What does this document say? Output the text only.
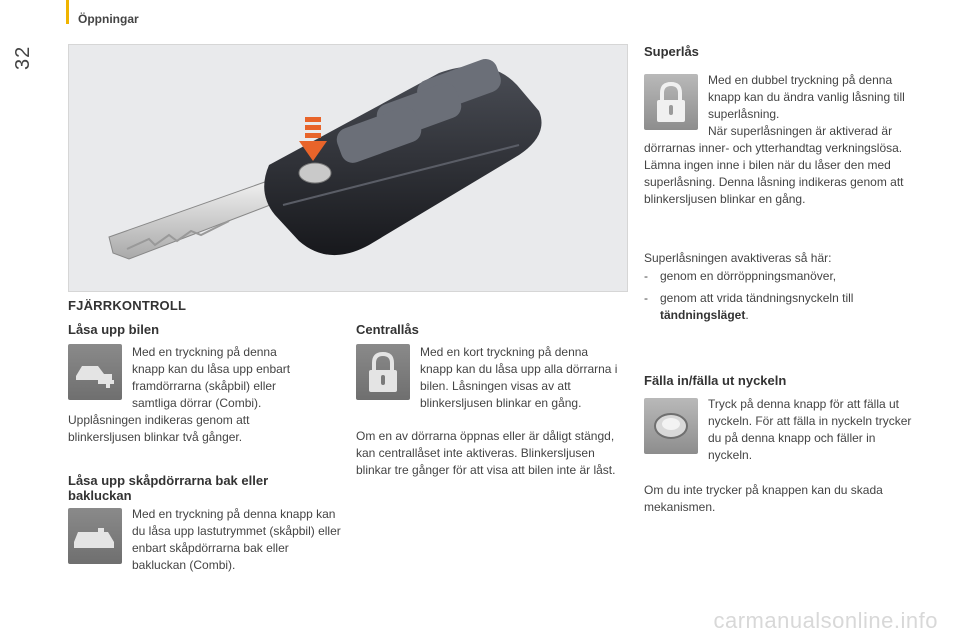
32
Öppningar
FJÄRRKONTROLL
Låsa upp bilen

Med en tryckning på denna knapp kan du låsa upp enbart framdörrarna (skåpbil) eller samtliga dörrar (Combi).

Upplåsningen indikeras genom att blinkersljusen blinkar två gånger.

Låsa upp skåpdörrarna bak eller
bakluckan

Med en tryckning på denna knapp kan du låsa upp lastutrymmet (skåpbil) eller enbart skåpdörrarna bak eller bakluckan (Combi).

Centrallås

Med en kort tryckning på denna knapp kan du låsa upp alla dörrarna i bilen. Låsningen visas av att blinkersljusen blinkar en gång.

Om en av dörrarna öppnas eller är dåligt stängd, kan centrallåset inte aktiveras. Blinkersljusen blinkar tre gånger för att visa att bilen inte är låst.

Superlås

Med en dubbel tryckning på denna knapp kan du ändra vanlig låsning till superlåsning.

När superlåsningen är aktiverad är dörrarnas inner- och ytterhandtag verkningslösa. Lämna ingen inne i bilen när du låser den med superlåsning. Denna låsning indikeras genom att blinkersljusen blinkar en gång.

Superlåsningen avaktiveras så här:

- genom en dörröppningsmanöver,

- genom att vrida tändningsnyckeln till
tändningsläget.

Fälla in/fälla ut nyckeln

Tryck på denna knapp för att fälla ut nyckeln. För att fälla in nyckeln trycker du på denna knapp och fäller in nyckeln.

Om du inte trycker på knappen kan du skada mekanismen.

carmanualsonline.info
